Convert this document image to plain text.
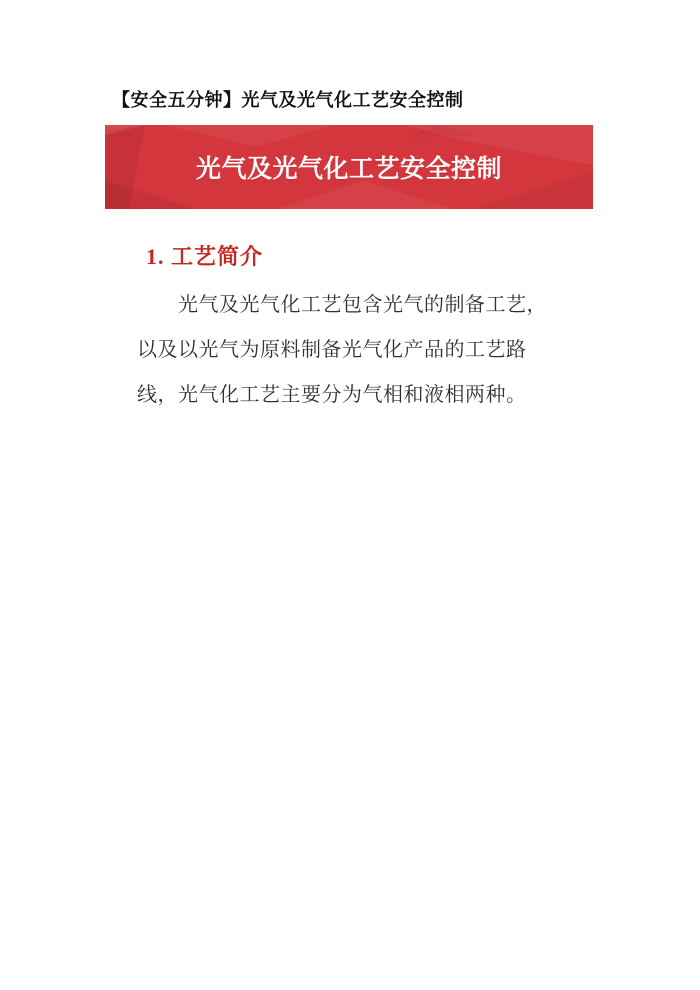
【安全五分钟】光气及光气化工艺安全控制
光气及光气化工艺安全控制
1. 工艺简介
光气及光气化工艺包含光气的制备工艺，
以及以光气为原料制备光气化产品的工艺路
线，光气化工艺主要分为气相和液相两种。
